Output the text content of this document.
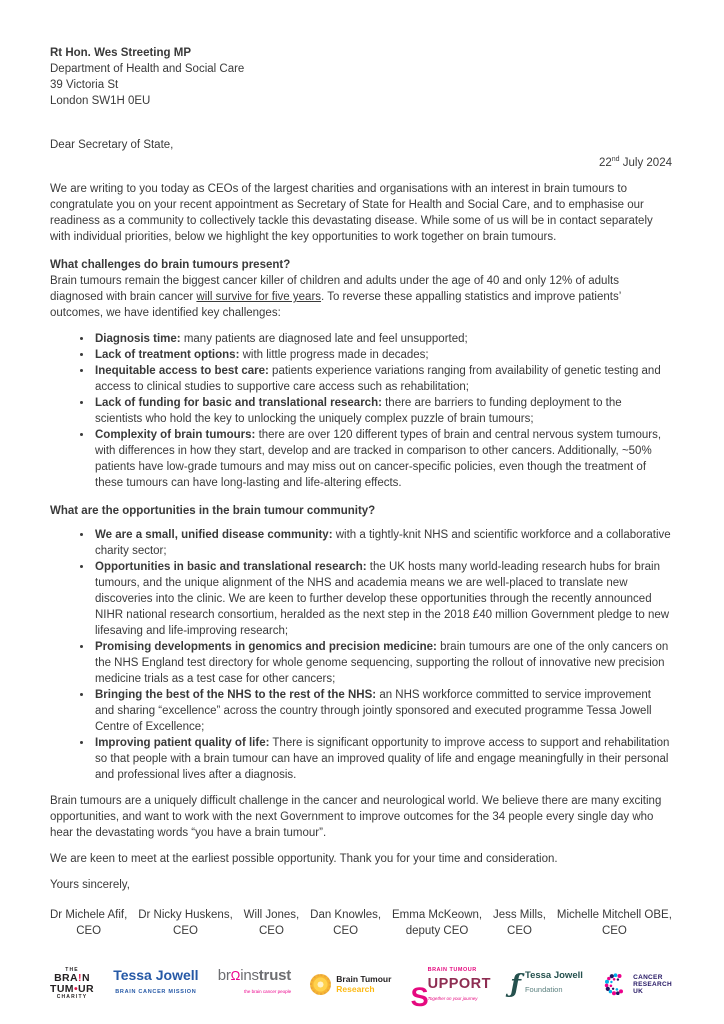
Rt Hon. Wes Streeting MP
Department of Health and Social Care
39 Victoria St
London SW1H 0EU

Dear Secretary of State,

22nd July 2024

We are writing to you today as CEOs of the largest charities and organisations with an interest in brain tumours to congratulate you on your recent appointment as Secretary of State for Health and Social Care, and to emphasise our readiness as a community to collectively tackle this devastating disease. While some of us will be in contact separately with individual priorities, below we highlight the key opportunities to work together on brain tumours.

What challenges do brain tumours present?

Brain tumours remain the biggest cancer killer of children and adults under the age of 40 and only 12% of adults diagnosed with brain cancer will survive for five years. To reverse these appalling statistics and improve patients’ outcomes, we have identified key challenges:

• Diagnosis time: many patients are diagnosed late and feel unsupported;
• Lack of treatment options: with little progress made in decades;
• Inequitable access to best care: patients experience variations ranging from availability of genetic testing and access to clinical studies to supportive care access such as rehabilitation;
• Lack of funding for basic and translational research: there are barriers to funding deployment to the scientists who hold the key to unlocking the uniquely complex puzzle of brain tumours;
• Complexity of brain tumours: there are over 120 different types of brain and central nervous system tumours, with differences in how they start, develop and are tracked in comparison to other cancers. Additionally, ~50% patients have low-grade tumours and may miss out on cancer-specific policies, even though the treatment of these tumours can have long-lasting and life-altering effects.
What are the opportunities in the brain tumour community?
• We are a small, unified disease community: with a tightly-knit NHS and scientific workforce and a collaborative charity sector;
• Opportunities in basic and translational research: the UK hosts many world-leading research hubs for brain tumours, and the unique alignment of the NHS and academia means we are well-placed to translate new discoveries into the clinic. We are keen to further develop these opportunities through the recently announced NIHR national research consortium, heralded as the next step in the 2018 £40 million Government pledge to new lifesaving and life-improving research;
• Promising developments in genomics and precision medicine: brain tumours are one of the only cancers on the NHS England test directory for whole genome sequencing, supporting the rollout of innovative new precision medicine trials as a test case for other cancers;
• Bringing the best of the NHS to the rest of the NHS: an NHS workforce committed to service improvement and sharing “excellence” across the country through jointly sponsored and executed programme Tessa Jowell Centre of Excellence;
• Improving patient quality of life: There is significant opportunity to improve access to support and rehabilitation so that people with a brain tumour can have an improved quality of life and engage meaningfully in their personal and professional lives after a diagnosis.

Brain tumours are a uniquely difficult challenge in the cancer and neurological world. We believe there are many exciting opportunities, and want to work with the next Government to improve outcomes for the 34 people every single day who hear the devastating words “you have a brain tumour”.

We are keen to meet at the earliest possible opportunity. Thank you for your time and consideration.

Yours sincerely,

Dr Michele Afif,
CEO
Dr Nicky Huskens,
CEO
Will Jones,
CEO
Dan Knowles,
CEO
Emma McKeown,
deputy CEO
Jess Mills,
CEO
Michelle Mitchell OBE,
CEO
THE
BRA!N
TUM•UR
CHARITY
Tessa Jowell
BRAIN CANCER MISSION
brΩinstrust
the brain cancer people
Brain Tumour
Research	S
BRAIN TUMOUR
UPPORT
Together on your journey	ƒ Tessa Jowell
Foundation
CANCER
RESEARCH
UK
